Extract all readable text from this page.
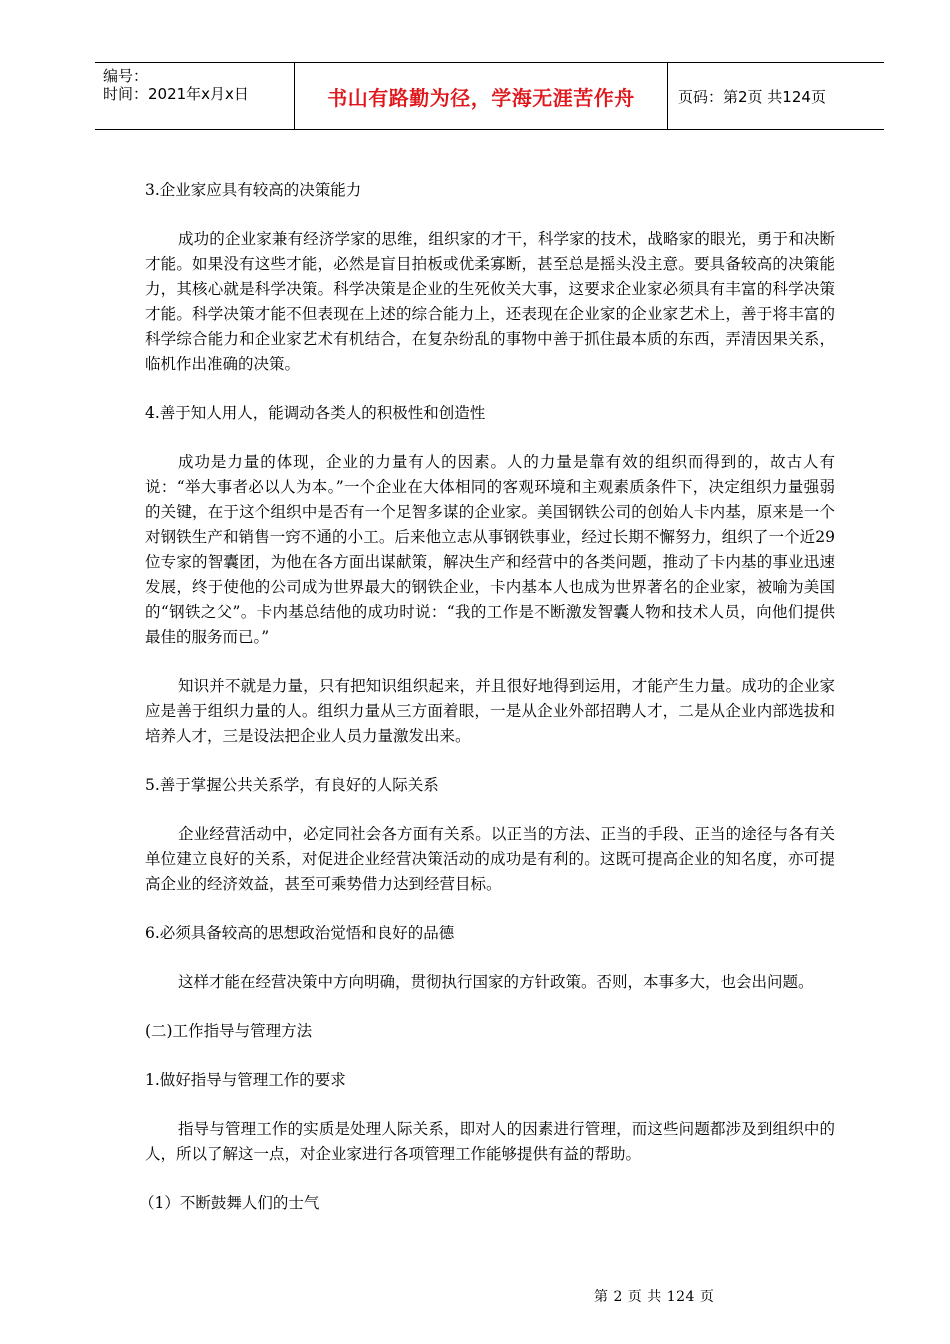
编号：
时间：2021年x月x日	书山有路勤为径，学海无涯苦作舟	页码：第2页 共124页
3.企业家应具有较高的决策能力
成功的企业家兼有经济学家的思维，组织家的才干，科学家的技术，战略家的眼光，勇于和决断才能。如果没有这些才能，必然是盲目拍板或优柔寡断，甚至总是摇头没主意。要具备较高的决策能力，其核心就是科学决策。科学决策是企业的生死攸关大事，这要求企业家必须具有丰富的科学决策才能。科学决策才能不但表现在上述的综合能力上，还表现在企业家的企业家艺术上，善于将丰富的科学综合能力和企业家艺术有机结合，在复杂纷乱的事物中善于抓住最本质的东西，弄清因果关系，临机作出准确的决策。
4.善于知人用人，能调动各类人的积极性和创造性
成功是力量的体现，企业的力量有人的因素。人的力量是靠有效的组织而得到的，故古人有说：“举大事者必以人为本。”一个企业在大体相同的客观环境和主观素质条件下，决定组织力量强弱的关键，在于这个组织中是否有一个足智多谋的企业家。美国钢铁公司的创始人卡内基，原来是一个对钢铁生产和销售一窍不通的小工。后来他立志从事钢铁事业，经过长期不懈努力，组织了一个近29位专家的智囊团，为他在各方面出谋献策，解决生产和经营中的各类问题，推动了卡内基的事业迅速发展，终于使他的公司成为世界最大的钢铁企业，卡内基本人也成为世界著名的企业家，被喻为美国的“钢铁之父”。卡内基总结他的成功时说：“我的工作是不断激发智囊人物和技术人员，向他们提供最佳的服务而已。”
知识并不就是力量，只有把知识组织起来，并且很好地得到运用，才能产生力量。成功的企业家应是善于组织力量的人。组织力量从三方面着眼，一是从企业外部招聘人才，二是从企业内部选拔和培养人才，三是设法把企业人员力量激发出来。
5.善于掌握公共关系学，有良好的人际关系
企业经营活动中，必定同社会各方面有关系。以正当的方法、正当的手段、正当的途径与各有关单位建立良好的关系，对促进企业经营决策活动的成功是有利的。这既可提高企业的知名度，亦可提高企业的经济效益，甚至可乘势借力达到经营目标。
6.必须具备较高的思想政治觉悟和良好的品德
这样才能在经营决策中方向明确，贯彻执行国家的方针政策。否则，本事多大，也会出问题。
(二)工作指导与管理方法
1.做好指导与管理工作的要求
指导与管理工作的实质是处理人际关系，即对人的因素进行管理，而这些问题都涉及到组织中的人，所以了解这一点，对企业家进行各项管理工作能够提供有益的帮助。
（1）不断鼓舞人们的士气
第 2 页 共 124 页
